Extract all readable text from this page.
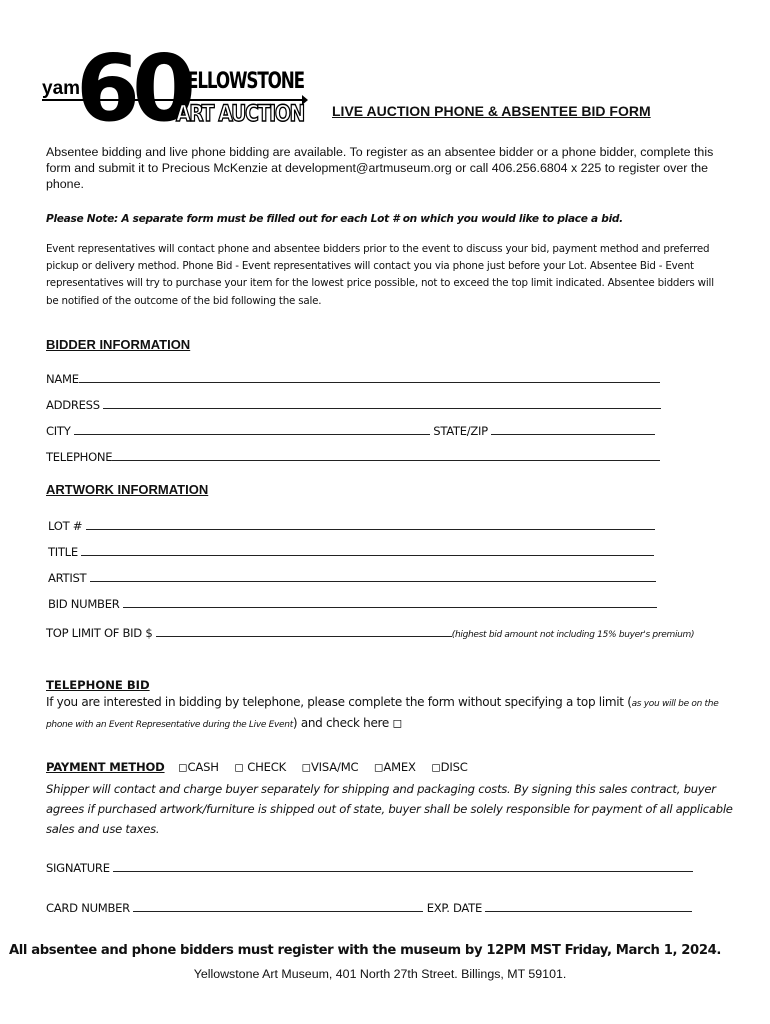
yam
60
YELLOWSTONE
ART AUCTION LIVE AUCTION PHONE & ABSENTEE BID FORM
Absentee bidding and live phone bidding are available. To register as an absentee bidder or a phone bidder, complete this form and submit it to Precious McKenzie at development@artmuseum.org or call 406.256.6804 x 225 to register over the phone.
Please Note: A separate form must be filled out for each Lot # on which you would like to place a bid.
Event representatives will contact phone and absentee bidders prior to the event to discuss your bid, payment method and preferred pickup or delivery method. Phone Bid - Event representatives will contact you via phone just before your Lot. Absentee Bid - Event representatives will try to purchase your item for the lowest price possible, not to exceed the top limit indicated. Absentee bidders will be notified of the outcome of the bid following the sale.
BIDDER INFORMATION
NAME
ADDRESS
CITY	STATE/ZIP
TELEPHONE
ARTWORK INFORMATION
LOT #
TITLE
ARTIST
BID NUMBER
TOP LIMIT OF BID $	(highest bid amount not including 15% buyer's premium)
TELEPHONE BID
If you are interested in bidding by telephone, please complete the form without specifying a top limit (as you will be on the phone with an Event Representative during the Live Event) and check here ◻
PAYMENT METHOD ◻CASH ◻ CHECK ◻VISA/MC ◻AMEX ◻DISC
Shipper will contact and charge buyer separately for shipping and packaging costs. By signing this sales contract, buyer agrees if purchased artwork/furniture is shipped out of state, buyer shall be solely responsible for payment of all applicable sales and use taxes.
SIGNATURE
CARD NUMBER	EXP. DATE
All absentee and phone bidders must register with the museum by 12PM MST Friday, March 1, 2024.
Yellowstone Art Museum, 401 North 27th Street. Billings, MT 59101.
